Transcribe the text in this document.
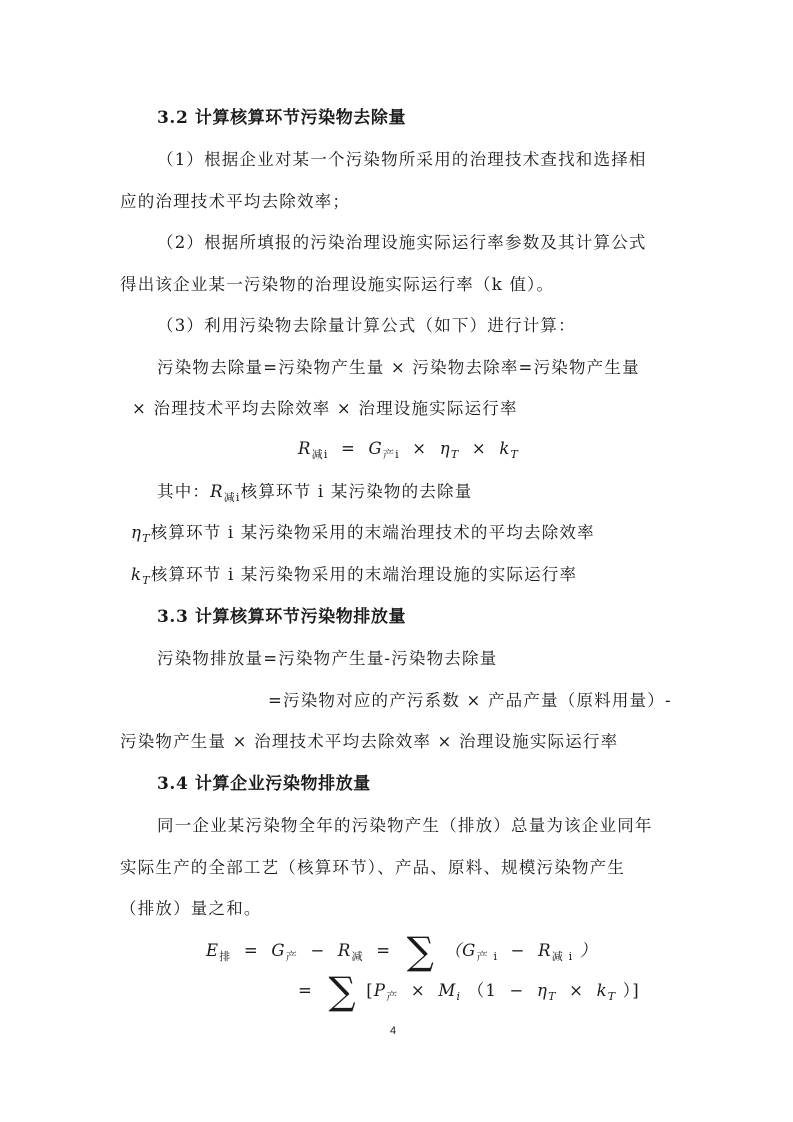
3.2 计算核算环节污染物去除量
（1）根据企业对某一个污染物所采用的治理技术查找和选择相
应的治理技术平均去除效率；
（2）根据所填报的污染治理设施实际运行率参数及其计算公式
得出该企业某一污染物的治理设施实际运行率（k 值）。
（3）利用污染物去除量计算公式（如下）进行计算：
污染物去除量=污染物产生量 × 污染物去除率=污染物产生量
× 治理技术平均去除效率 × 治理设施实际运行率
$R_{减i} = G_{产i} \times \eta_T \times k_T$
其中：$R_{减i}$核算环节 i 某污染物的去除量
$\eta_T$核算环节 i 某污染物采用的末端治理技术的平均去除效率
$k_T$核算环节 i 某污染物采用的末端治理设施的实际运行率
3.3 计算核算环节污染物排放量
污染物排放量=污染物产生量-污染物去除量
=污染物对应的产污系数 × 产品产量（原料用量）-
污染物产生量 × 治理技术平均去除效率 × 治理设施实际运行率
3.4 计算企业污染物排放量
同一企业某污染物全年的污染物产生（排放）总量为该企业同年
实际生产的全部工艺（核算环节）、产品、原料、规模污染物产生
（排放）量之和。
$E_排 = G_产 - R_减$ = ∑ （$G_{产 i} - R_{减 i}$ ）
= ∑ [$P_产 \times M_i$ （$1 - \eta_T \times k_T$ ）]
4
